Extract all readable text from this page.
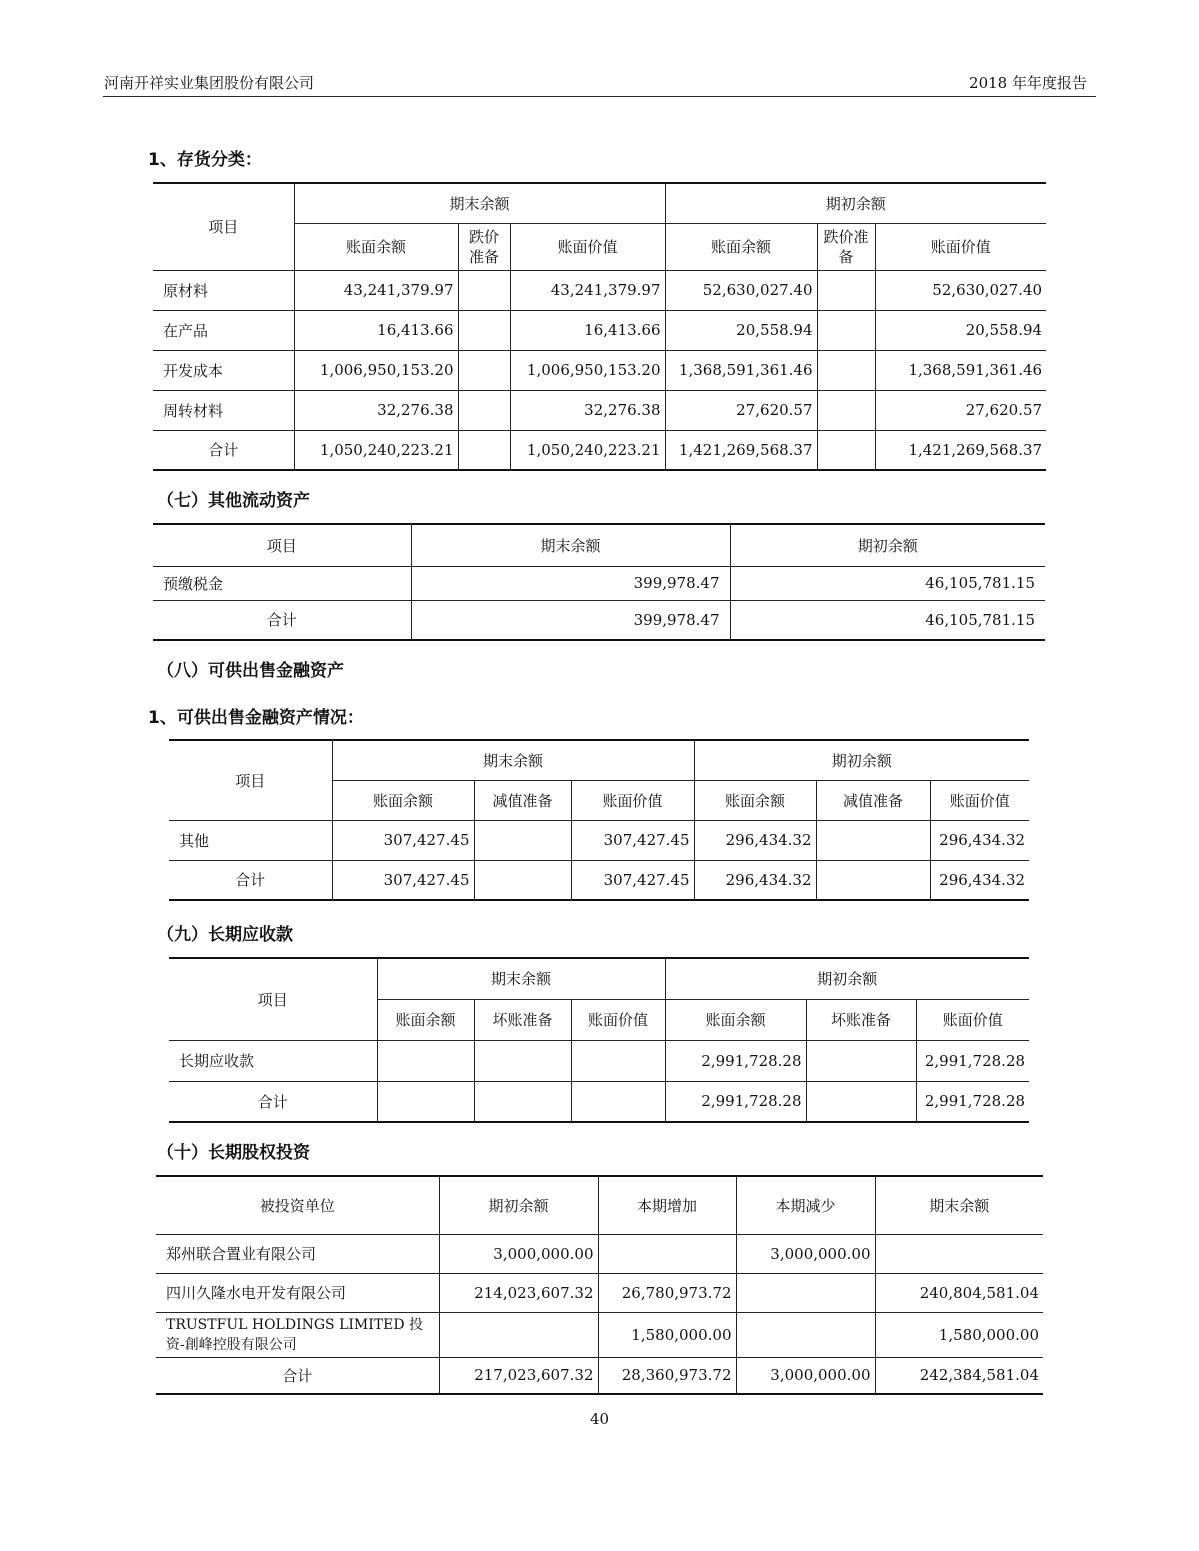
河南开祥实业集团股份有限公司	2018 年年度报告
1、存货分类：
项目	期末余额			期初余额		
	账面余额	跌价准备	账面价值	账面余额	跌价准备	账面价值
原材料	43,241,379.97		43,241,379.97	52,630,027.40		52,630,027.40
在产品	16,413.66		16,413.66	20,558.94		20,558.94
开发成本	1,006,950,153.20		1,006,950,153.20	1,368,591,361.46		1,368,591,361.46
周转材料	32,276.38		32,276.38	27,620.57		27,620.57
合计	1,050,240,223.21		1,050,240,223.21	1,421,269,568.37		1,421,269,568.37
（七）其他流动资产
项目	期末余额	期初余额
预缴税金	399,978.47	46,105,781.15
合计	399,978.47	46,105,781.15
（八）可供出售金融资产
1、可供出售金融资产情况：
项目	期末余额			期初余额		
	账面余额	减值准备	账面价值	账面余额	减值准备	账面价值
其他	307,427.45		307,427.45	296,434.32		296,434.32
合计	307,427.45		307,427.45	296,434.32		296,434.32
（九）长期应收款
项目	期末余额			期初余额		
	账面余额	坏账准备	账面价值	账面余额	坏账准备	账面价值
长期应收款				2,991,728.28		2,991,728.28
合计				2,991,728.28		2,991,728.28
（十）长期股权投资
被投资单位	期初余额	本期增加	本期减少	期末余额
郑州联合置业有限公司	3,000,000.00		3,000,000.00	
四川久隆水电开发有限公司	214,023,607.32	26,780,973.72		240,804,581.04
TRUSTFUL HOLDINGS LIMITED 投资-創峰控股有限公司		1,580,000.00		1,580,000.00
合计	217,023,607.32	28,360,973.72	3,000,000.00	242,384,581.04
40
